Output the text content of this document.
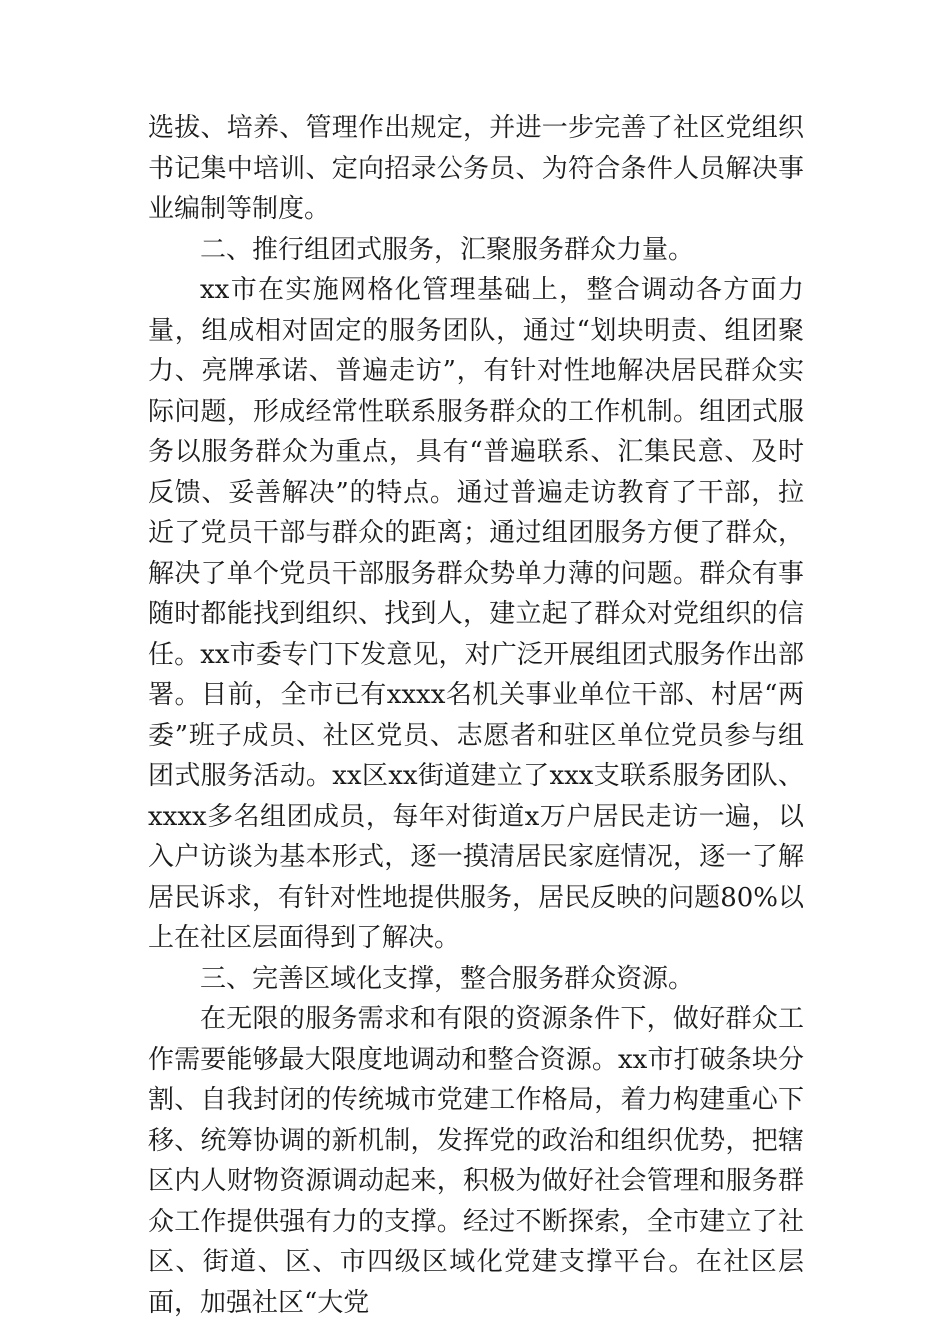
选拔、培养、管理作出规定，并进一步完善了社区党组织书记集中培训、定向招录公务员、为符合条件人员解决事业编制等制度。

二、推行组团式服务，汇聚服务群众力量。

xx市在实施网格化管理基础上，整合调动各方面力量，组成相对固定的服务团队，通过“划块明责、组团聚力、亮牌承诺、普遍走访”，有针对性地解决居民群众实际问题，形成经常性联系服务群众的工作机制。组团式服务以服务群众为重点，具有“普遍联系、汇集民意、及时反馈、妥善解决”的特点。通过普遍走访教育了干部，拉近了党员干部与群众的距离；通过组团服务方便了群众，解决了单个党员干部服务群众势单力薄的问题。群众有事随时都能找到组织、找到人，建立起了群众对党组织的信任。xx市委专门下发意见，对广泛开展组团式服务作出部署。目前，全市已有xxxx名机关事业单位干部、村居“两委”班子成员、社区党员、志愿者和驻区单位党员参与组团式服务活动。xx区xx街道建立了xxx支联系服务团队、xxxx多名组团成员，每年对街道x万户居民走访一遍，以入户访谈为基本形式，逐一摸清居民家庭情况，逐一了解居民诉求，有针对性地提供服务，居民反映的问题80%以上在社区层面得到了解决。

三、完善区域化支撑，整合服务群众资源。

在无限的服务需求和有限的资源条件下，做好群众工作需要能够最大限度地调动和整合资源。xx市打破条块分割、自我封闭的传统城市党建工作格局，着力构建重心下移、统筹协调的新机制，发挥党的政治和组织优势，把辖区内人财物资源调动起来，积极为做好社会管理和服务群众工作提供强有力的支撑。经过不断探索，全市建立了社区、街道、区、市四级区域化党建支撑平台。在社区层面，加强社区“大党
